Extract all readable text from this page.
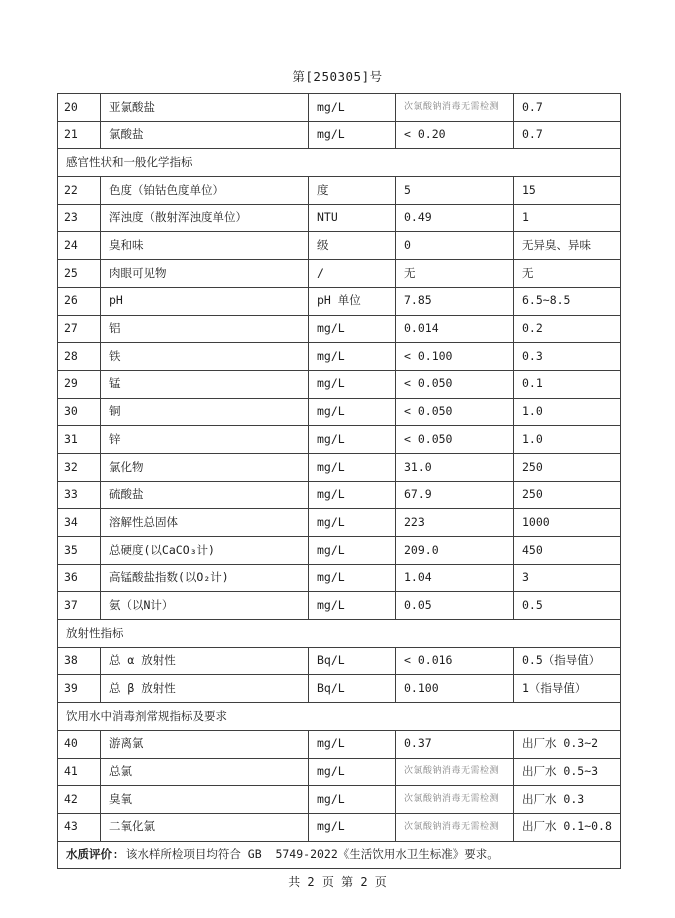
第[250305]号
20	亚氯酸盐	mg/L	次氯酸钠消毒无需检测	0.7
21	氯酸盐	mg/L	< 0.20	0.7
感官性状和一般化学指标				
22	色度（铂钴色度单位）	度	5	15
23	浑浊度（散射浑浊度单位）	NTU	0.49	1
24	臭和味	级	0	无异臭、异味
25	肉眼可见物	/	无	无
26	pH	pH 单位	7.85	6.5~8.5
27	铝	mg/L	0.014	0.2
28	铁	mg/L	< 0.100	0.3
29	锰	mg/L	< 0.050	0.1
30	铜	mg/L	< 0.050	1.0
31	锌	mg/L	< 0.050	1.0
32	氯化物	mg/L	31.0	250
33	硫酸盐	mg/L	67.9	250
34	溶解性总固体	mg/L	223	1000
35	总硬度(以CaCO₃计)	mg/L	209.0	450
36	高锰酸盐指数(以O₂计)	mg/L	1.04	3
37	氨（以N计）	mg/L	0.05	0.5
放射性指标				
38	总 α 放射性	Bq/L	< 0.016	0.5（指导值）
39	总 β 放射性	Bq/L	0.100	1（指导值）
饮用水中消毒剂常规指标及要求				
40	游离氯	mg/L	0.37	出厂水 0.3~2
41	总氯	mg/L	次氯酸钠消毒无需检测	出厂水 0.5~3
42	臭氧	mg/L	次氯酸钠消毒无需检测	出厂水 0.3
43	二氧化氯	mg/L	次氯酸钠消毒无需检测	出厂水 0.1~0.8
水质评价: 该水样所检项目均符合 GB  5749-2022《生活饮用水卫生标准》要求。				
共 2 页 第 2 页
